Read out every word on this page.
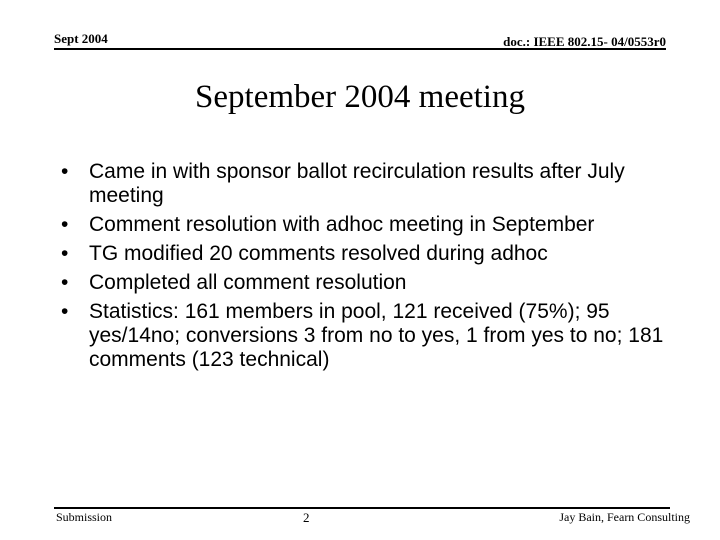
Sept 2004	doc.: IEEE 802.15- 04/0553r0
September 2004 meeting
• Came in with sponsor ballot recirculation results after July meeting
• Comment resolution with adhoc meeting in September
• TG modified 20 comments resolved during adhoc
• Completed all comment resolution
• Statistics: 161 members in pool, 121 received (75%); 95 yes/14no; conversions 3 from no to yes, 1 from yes to no; 181 comments (123 technical)
Submission	2	Jay Bain, Fearn Consulting
